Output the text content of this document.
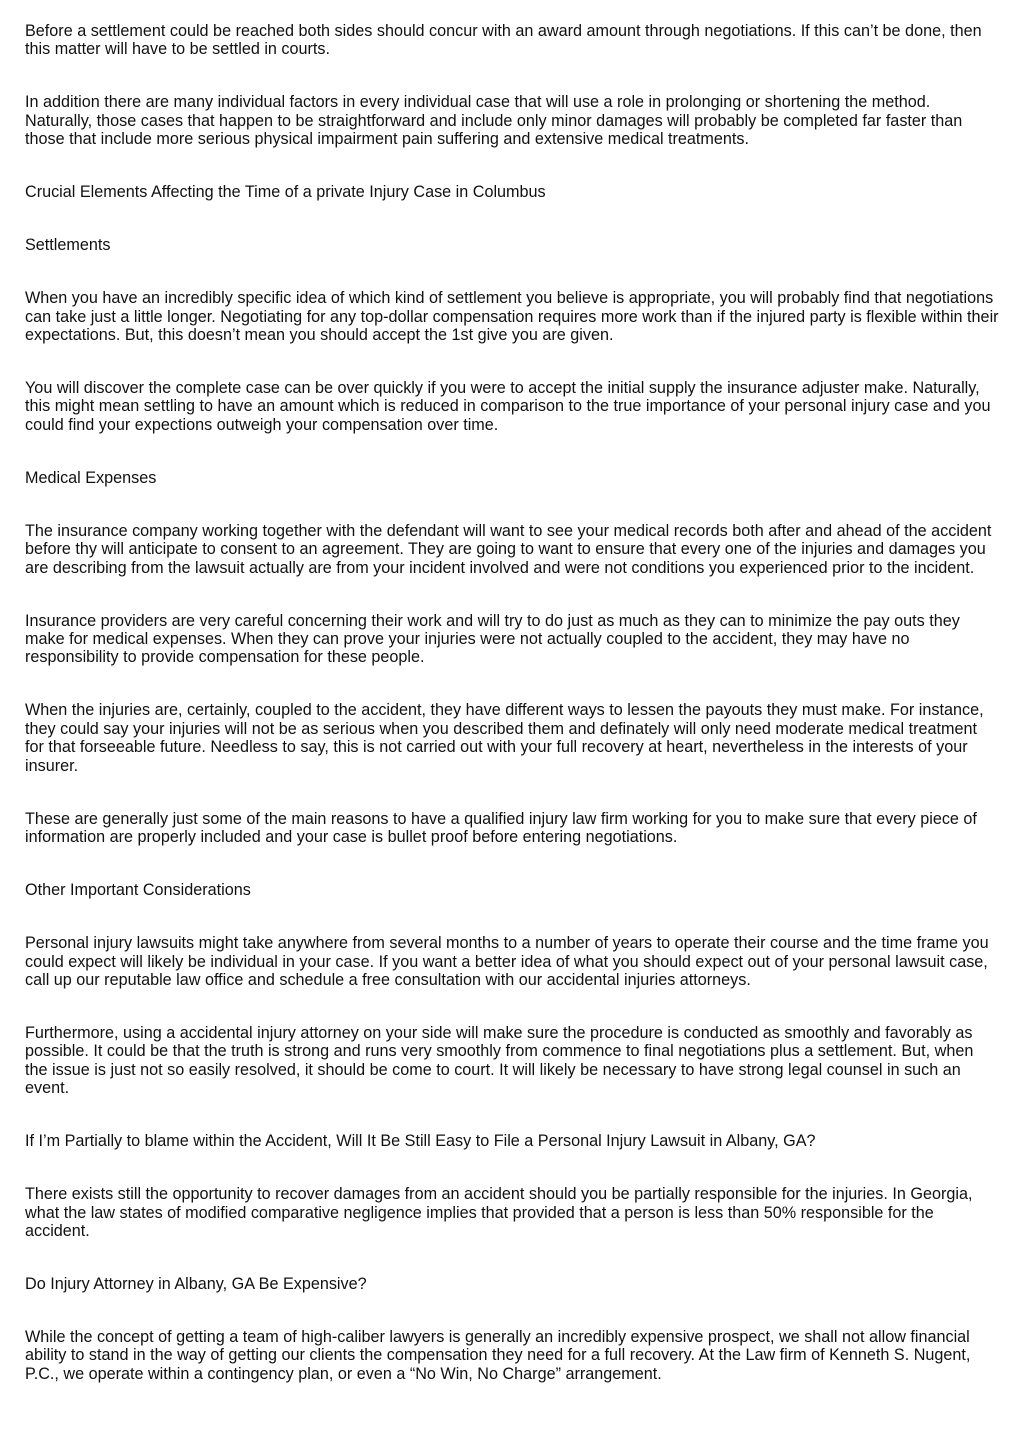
Before a settlement could be reached both sides should concur with an award amount through negotiations. If this can’t be done, then this matter will have to be settled in courts.

In addition there are many individual factors in every individual case that will use a role in prolonging or shortening the method. Naturally, those cases that happen to be straightforward and include only minor damages will probably be completed far faster than those that include more serious physical impairment pain suffering and extensive medical treatments.

Crucial Elements Affecting the Time of a private Injury Case in Columbus

Settlements

When you have an incredibly specific idea of which kind of settlement you believe is appropriate, you will probably find that negotiations can take just a little longer. Negotiating for any top-dollar compensation requires more work than if the injured party is flexible within their expectations. But, this doesn’t mean you should accept the 1st give you are given.

You will discover the complete case can be over quickly if you were to accept the initial supply the insurance adjuster make. Naturally, this might mean settling to have an amount which is reduced in comparison to the true importance of your personal injury case and you could find your expections outweigh your compensation over time.

Medical Expenses

The insurance company working together with the defendant will want to see your medical records both after and ahead of the accident before thy will anticipate to consent to an agreement. They are going to want to ensure that every one of the injuries and damages you are describing from the lawsuit actually are from your incident involved and were not conditions you experienced prior to the incident.

Insurance providers are very careful concerning their work and will try to do just as much as they can to minimize the pay outs they make for medical expenses. When they can prove your injuries were not actually coupled to the accident, they may have no responsibility to provide compensation for these people.

When the injuries are, certainly, coupled to the accident, they have different ways to lessen the payouts they must make. For instance, they could say your injuries will not be as serious when you described them and definately will only need moderate medical treatment for that forseeable future. Needless to say, this is not carried out with your full recovery at heart, nevertheless in the interests of your insurer.

These are generally just some of the main reasons to have a qualified injury law firm working for you to make sure that every piece of information are properly included and your case is bullet proof before entering negotiations.

Other Important Considerations

Personal injury lawsuits might take anywhere from several months to a number of years to operate their course and the time frame you could expect will likely be individual in your case. If you want a better idea of what you should expect out of your personal lawsuit case, call up our reputable law office and schedule a free consultation with our accidental injuries attorneys.

Furthermore, using a accidental injury attorney on your side will make sure the procedure is conducted as smoothly and favorably as possible. It could be that the truth is strong and runs very smoothly from commence to final negotiations plus a settlement. But, when the issue is just not so easily resolved, it should be come to court. It will likely be necessary to have strong legal counsel in such an event.

If I’m Partially to blame within the Accident, Will It Be Still Easy to File a Personal Injury Lawsuit in Albany, GA?

There exists still the opportunity to recover damages from an accident should you be partially responsible for the injuries. In Georgia, what the law states of modified comparative negligence implies that provided that a person is less than 50% responsible for the accident.

Do Injury Attorney in Albany, GA Be Expensive?

While the concept of getting a team of high-caliber lawyers is generally an incredibly expensive prospect, we shall not allow financial ability to stand in the way of getting our clients the compensation they need for a full recovery. At the Law firm of Kenneth S. Nugent, P.C., we operate within a contingency plan, or even a “No Win, No Charge” arrangement.
